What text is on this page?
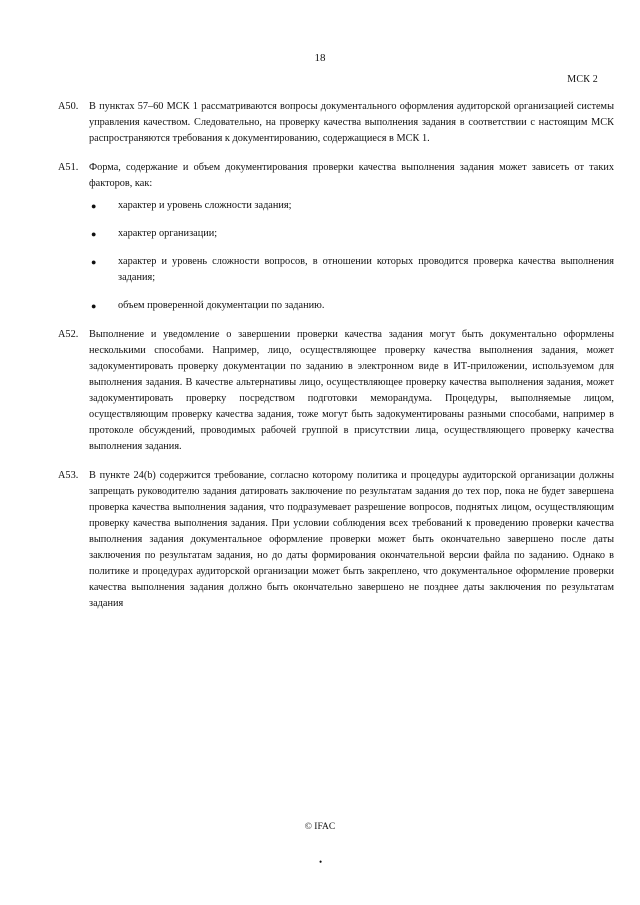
18
МСК 2
А50.	В пунктах 57–60 МСК 1 рассматриваются вопросы документального оформления аудиторской организацией системы управления качеством. Следовательно, на проверку качества выполнения задания в соответствии с настоящим МСК распространяются требования к документированию, содержащиеся в МСК 1.

А51.	Форма, содержание и объем документирования проверки качества выполнения задания может зависеть от таких факторов, как:

● характер и уровень сложности задания;
● характер организации;
● характер и уровень сложности вопросов, в отношении которых проводится проверка качества выполнения задания;
● объем проверенной документации по заданию.
А52.	Выполнение и уведомление о завершении проверки качества задания могут быть документально оформлены несколькими способами. Например, лицо, осуществляющее проверку качества выполнения задания, может задокументировать проверку документации по заданию в электронном виде в ИТ-приложении, используемом для выполнения задания. В качестве альтернативы лицо, осуществляющее проверку качества выполнения задания, может задокументировать проверку посредством подготовки меморандума. Процедуры, выполняемые лицом, осуществляющим проверку качества задания, тоже могут быть задокументированы разными способами, например в протоколе обсуждений, проводимых рабочей группой в присутствии лица, осуществляющего проверку качества выполнения задания.

А53.	В пункте 24(b) содержится требование, согласно которому политика и процедуры аудиторской организации должны запрещать руководителю задания датировать заключение по результатам задания до тех пор, пока не будет завершена проверка качества выполнения задания, что подразумевает разрешение вопросов, поднятых лицом, осуществляющим проверку качества выполнения задания. При условии соблюдения всех требований к проведению проверки качества выполнения задания документальное оформление проверки может быть окончательно завершено после даты заключения по результатам задания, но до даты формирования окончательной версии файла по заданию. Однако в политике и процедурах аудиторской организации может быть закреплено, что документальное оформление проверки качества выполнения задания должно быть окончательно завершено не позднее даты заключения по результатам задания

© IFAC
•
